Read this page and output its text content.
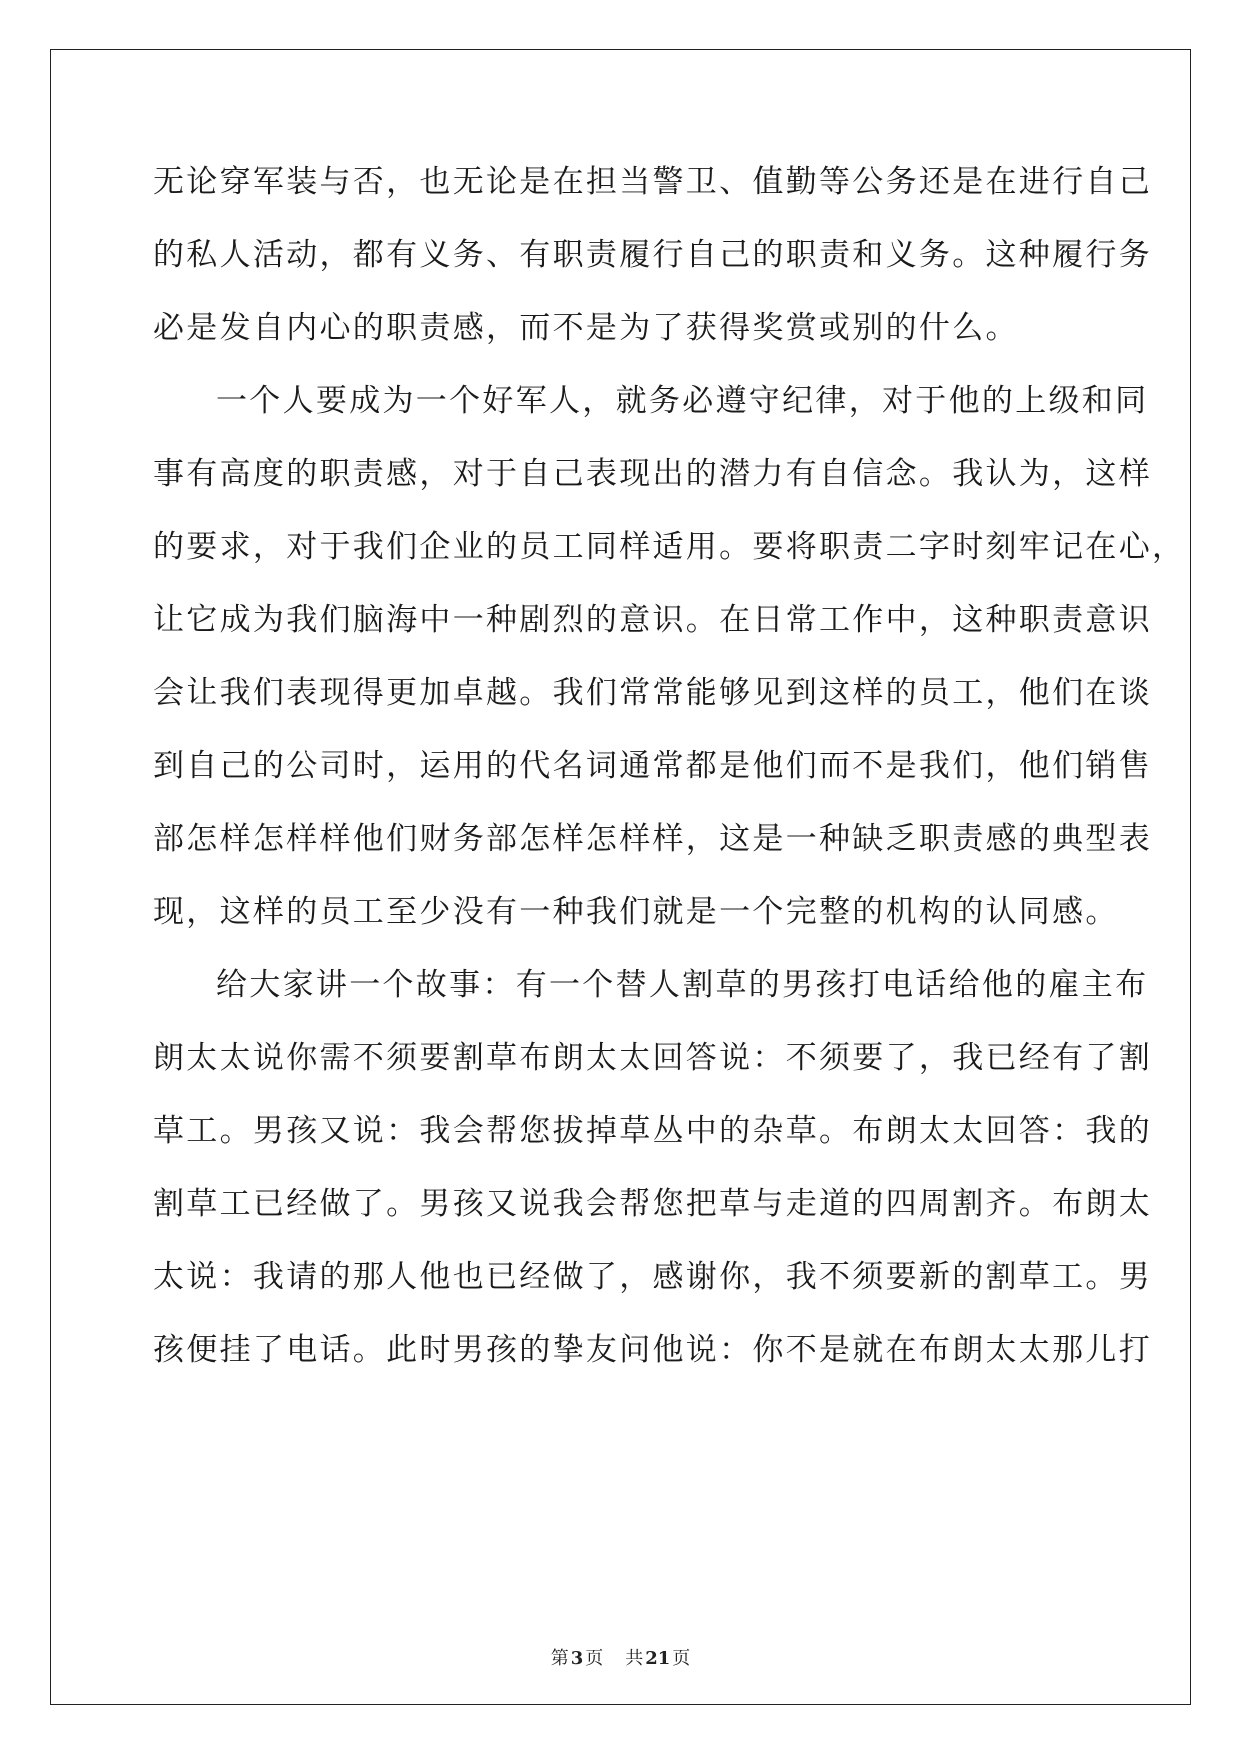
无论穿军装与否，也无论是在担当警卫、值勤等公务还是在进行自己
的私人活动，都有义务、有职责履行自己的职责和义务。这种履行务
必是发自内心的职责感，而不是为了获得奖赏或别的什么。
一个人要成为一个好军人，就务必遵守纪律，对于他的上级和同
事有高度的职责感，对于自己表现出的潜力有自信念。我认为，这样
的要求，对于我们企业的员工同样适用。要将职责二字时刻牢记在心，
让它成为我们脑海中一种剧烈的意识。在日常工作中，这种职责意识
会让我们表现得更加卓越。我们常常能够见到这样的员工，他们在谈
到自己的公司时，运用的代名词通常都是他们而不是我们，他们销售
部怎样怎样样他们财务部怎样怎样样，这是一种缺乏职责感的典型表
现，这样的员工至少没有一种我们就是一个完整的机构的认同感。
给大家讲一个故事：有一个替人割草的男孩打电话给他的雇主布
朗太太说你需不须要割草布朗太太回答说：不须要了，我已经有了割
草工。男孩又说：我会帮您拔掉草丛中的杂草。布朗太太回答：我的
割草工已经做了。男孩又说我会帮您把草与走道的四周割齐。布朗太
太说：我请的那人他也已经做了，感谢你，我不须要新的割草工。男
孩便挂了电话。此时男孩的挚友问他说：你不是就在布朗太太那儿打
第 3 页 共 21 页
